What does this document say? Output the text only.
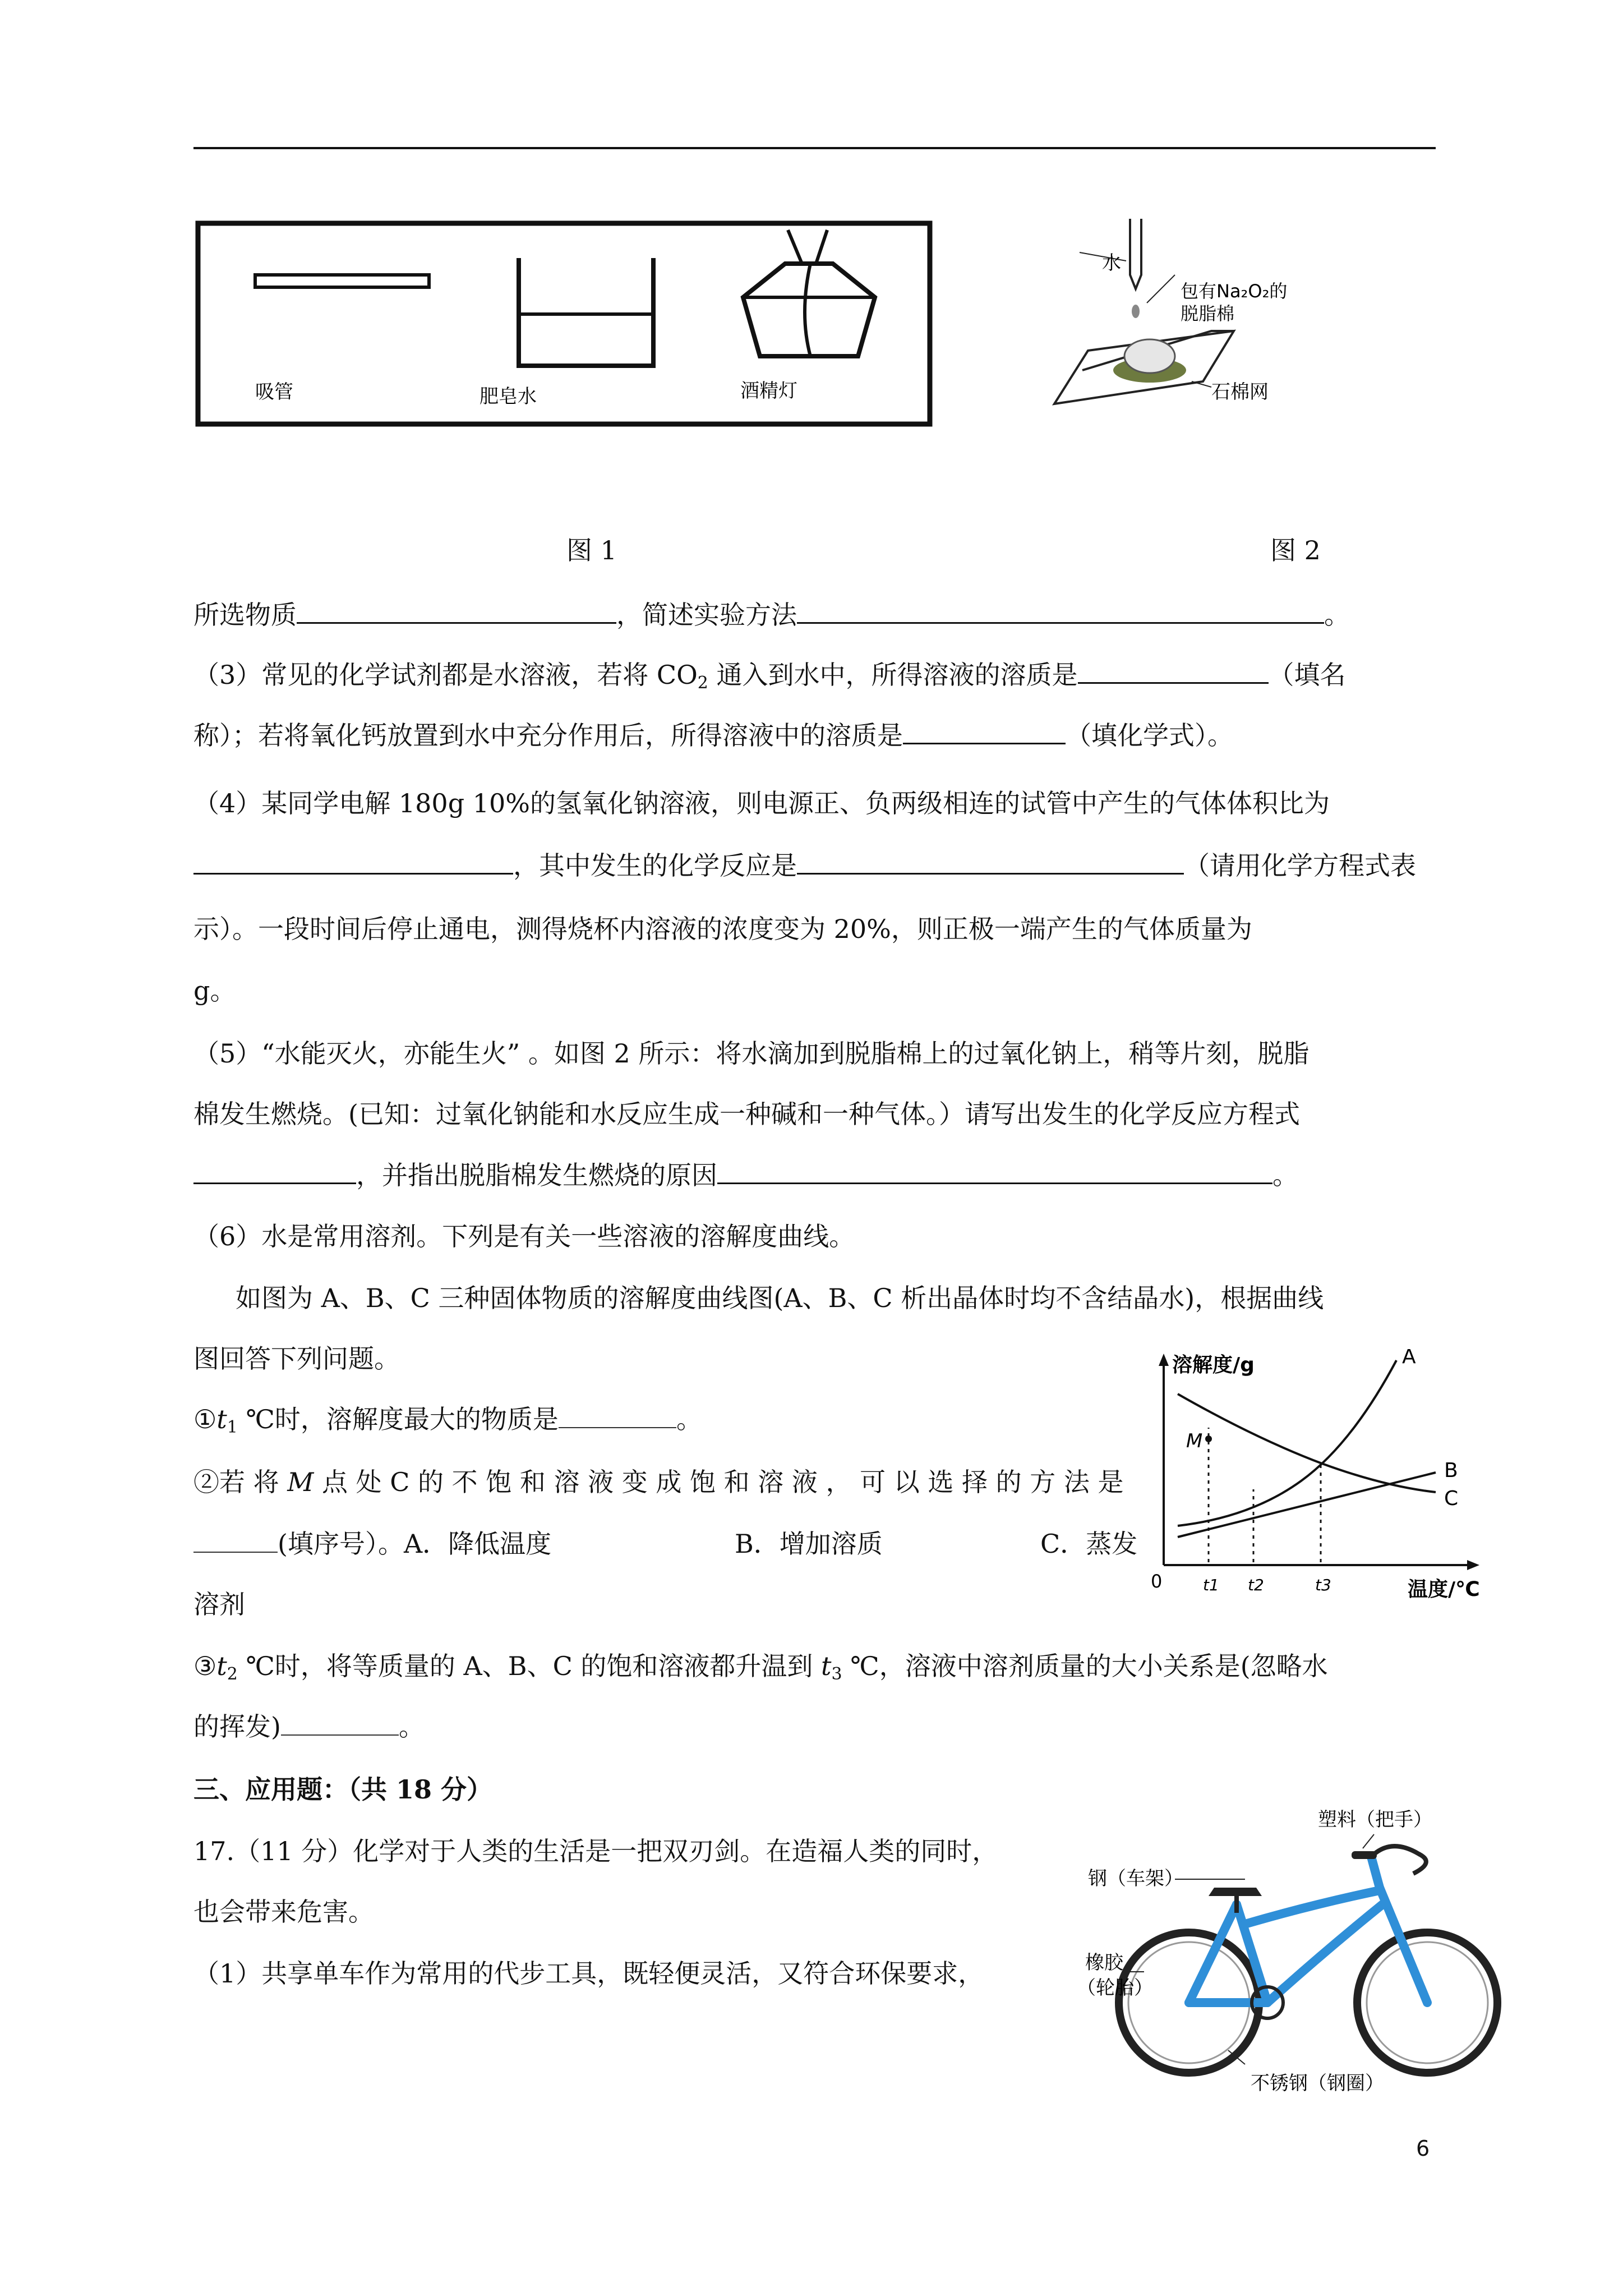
吸管	肥皂水	酒精灯
水
包有Na₂O₂的
脱脂棉
石棉网
图 1	图 2
所选物质	，简述实验方法	。
（3）常见的化学试剂都是水溶液，若将 $CO_2$ 通入到水中，所得溶液的溶质是	（填名
称）；若将氧化钙放置到水中充分作用后，所得溶液中的溶质是	（填化学式）。
（4）某同学电解 180g 10%的氢氧化钠溶液，则电源正、负两级相连的试管中产生的气体体积比为
，其中发生的化学反应是	（请用化学方程式表
示）。一段时间后停止通电，测得烧杯内溶液的浓度变为 20%，则正极一端产生的气体质量为
g。
（5）“水能灭火，亦能生火” 。如图 2 所示：将水滴加到脱脂棉上的过氧化钠上，稍等片刻，脱脂
棉发生燃烧。(已知：过氧化钠能和水反应生成一种碱和一种气体。）请写出发生的化学反应方程式
，并指出脱脂棉发生燃烧的原因	。
（6）水是常用溶剂。下列是有关一些溶液的溶解度曲线。
如图为 A、B、C 三种固体物质的溶解度曲线图(A、B、C 析出晶体时均不含结晶水)，根据曲线
图回答下列问题。
$①t_1$ ℃时，溶解度最大的物质是	。
②若 将 M 点 处 C 的 不 饱 和 溶 液 变 成 饱 和 溶 液 ， 可 以 选 择 的 方 法 是
(填序号）。A．降低温度	B．增加溶质	C．蒸发
溶剂
$③t_2$ ℃时，将等质量的 A、B、C 的饱和溶液都升温到 $t_3$ ℃，溶液中溶剂质量的大小关系是(忽略水
的挥发)	。
溶解度/g
温度/℃
0
M
A
B
C
t1 t2	t3
三、应用题：（共 18 分）
17.（11 分）化学对于人类的生活是一把双刃剑。在造福人类的同时，
也会带来危害。
（1）共享单车作为常用的代步工具，既轻便灵活，又符合环保要求，
塑料（把手）
钢（车架）
橡胶
（轮胎）
不锈钢（钢圈）
6
